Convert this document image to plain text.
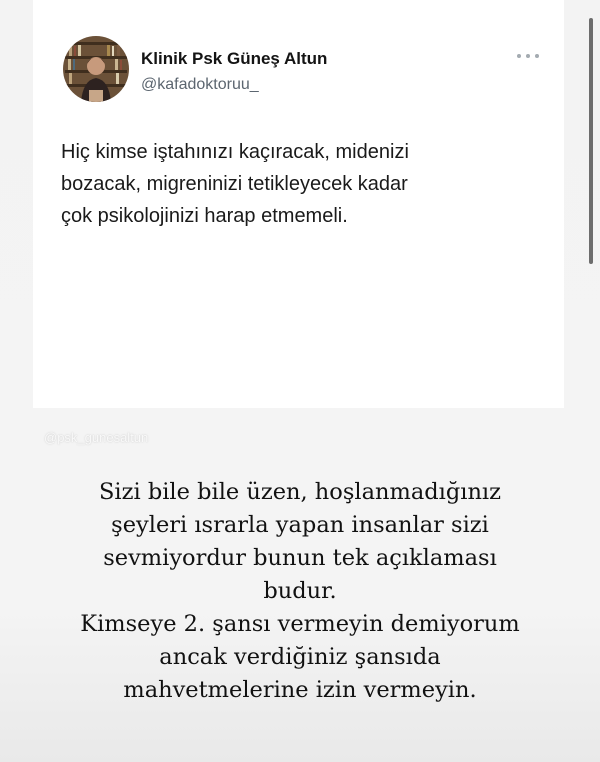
Klinik Psk Güneş Altun
@kafadoktoruu_
Hiç kimse iştahınızı kaçıracak, midenizi
bozacak, migreninizi tetikleyecek kadar
çok psikolojinizi harap etmemeli.
@psk_gunesaltun
Sizi bile bile üzen, hoşlanmadığınız
şeyleri ısrarla yapan insanlar sizi
sevmiyordur bunun tek açıklaması
budur.
Kimseye 2. şansı vermeyin demiyorum
ancak verdiğiniz şansıda
mahvetmelerine izin vermeyin.
